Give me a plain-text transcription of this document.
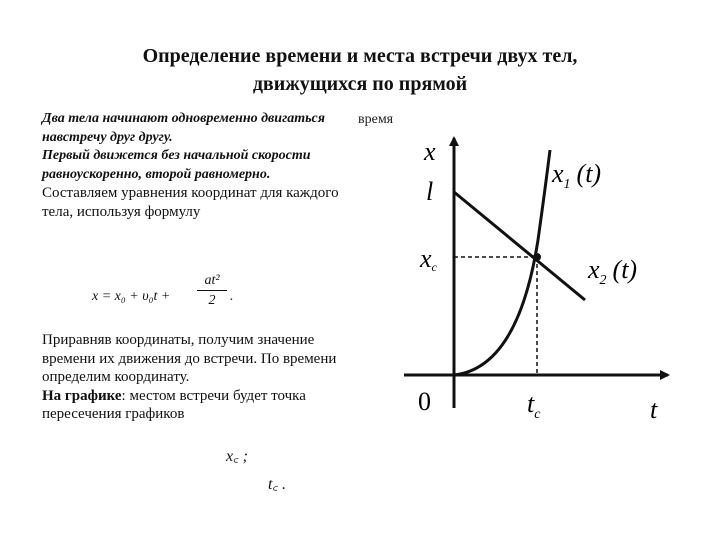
Определение времени и места встречи двух тел,
движущихся по прямой

Два тела начинают одновременно двигаться навстречу друг другу.

Первый движется без начальной скорости равноускоренно, второй равномерно.

Составляем уравнения координат для каждого тела, используя формулу

$x = x_0 + \upsilon_0t + \frac{\text{at²}}{2}$ .

Приравняв координаты, получим значение времени их движения до встречи. По времени определим координату.

На графике: местом встречи будет точка

пересечения графиков

x꜀ ;
t꜀ .
время
x
t
0
l
xc
$t_c$
$x_1$ (t)
$x_2$ (t)
